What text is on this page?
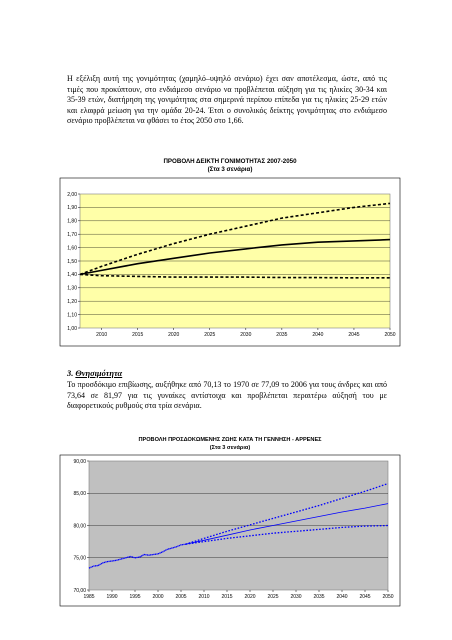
Η εξέλιξη αυτή της γονιμότητας (χαμηλό–υψηλό σενάριο) έχει σαν αποτέλεσμα, ώστε, από τις τιμές που προκύπτουν, στο ενδιάμεσο σενάριο να προβλέπεται αύξηση για τις ηλικίες 30-34 και 35-39 ετών, διατήρηση της γονιμότητας στα σημερινά περίπου επίπεδα για τις ηλικίες 25-29 ετών και ελαφρά μείωση για την ομάδα 20-24. Έτσι ο συνολικός δείκτης γονιμότητας στο ενδιάμεσο σενάριο προβλέπεται να φθάσει το έτος 2050 στο 1,66.
ΠΡΟΒΟΛΗ ΔΕΙΚΤΗ ΓΟΝΙΜΟΤΗΤΑΣ 2007-2050
(Στα 3 σενάρια)
3. Θνησιμότητα
Το προσδόκιμο επιβίωσης, αυξήθηκε από 70,13 το 1970 σε 77,09 το 2006 για τους άνδρες και από 73,64 σε 81,97 για τις γυναίκες αντίστοιχα και προβλέπεται περαιτέρω αύξησή του με διαφορετικούς ρυθμούς στα τρία σενάρια.
ΠΡΟΒΟΛΗ ΠΡΟΣΔΟΚΩΜΕΝΗΣ ΖΩΗΣ ΚΑΤΑ ΤΗ ΓΕΝΝΗΣΗ - ΑΡΡΕΝΕΣ
(Στα 3 σενάρια)
1,00
1,10
1,20
1,30
1,40
1,50
1,60
1,70
1,80
1,90
2,00
2010	2015	2020	2025	2030	2035	2040	2045	2050
70,00
75,00
80,00
85,00
90,00
1985 1990 1995 2000 2005 2010 2015 2020 2025 2030 2035 2040 2045 2050
